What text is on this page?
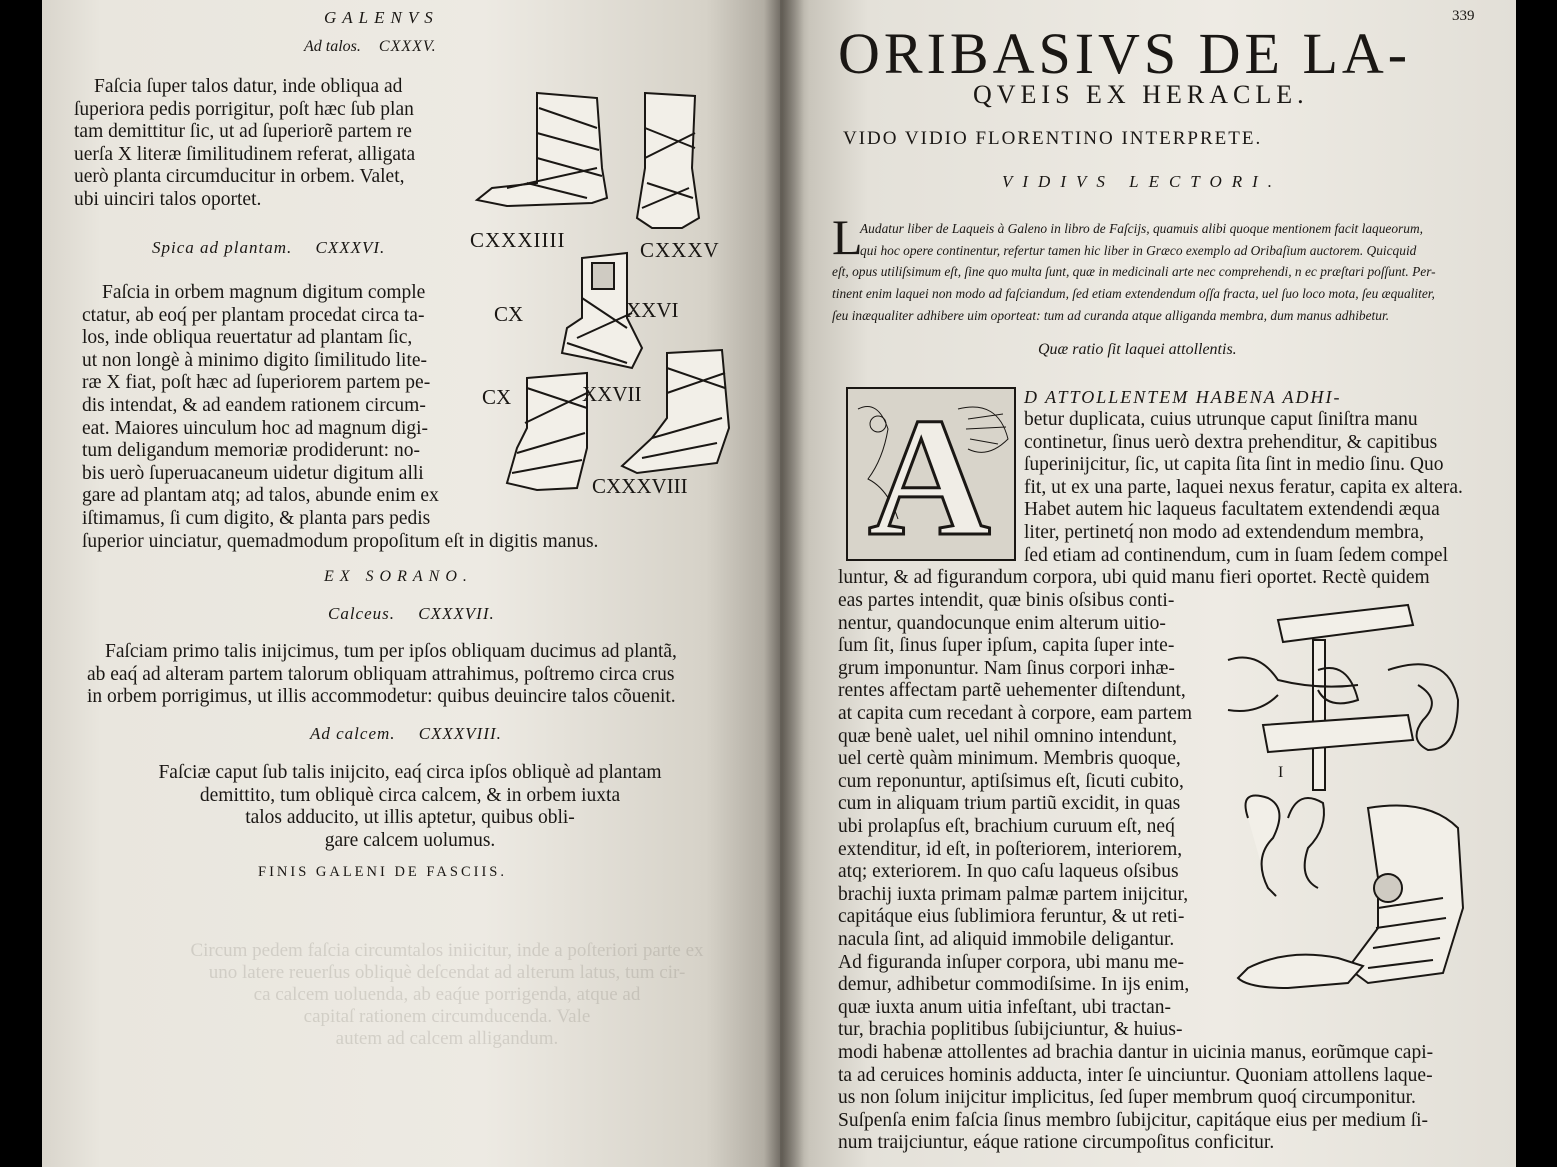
Circum pedem faſcia circumtalos iniicitur, inde a poſteriori parte ex
uno latere reuerſus obliquè deſcendat ad alterum latus, tum cir-
ca calcem uoluenda, ab eaq́ue porrigenda, atque ad
capitaſ rationem circumducenda. Vale
autem ad calcem alligandum.
GALENVS
Ad talos. CXXXV.
Faſcia ſuper talos datur, inde obliqua ad
ſuperiora pedis porrigitur, poſt hæc ſub plan
tam demittitur ſic, ut ad ſuperiorẽ partem re
uerſa X literæ ſimilitudinem referat, alligata
uerò planta circumducitur in orbem. Valet,
ubi uinciri talos oportet.
Spica ad plantam. CXXXVI.
Faſcia in orbem magnum digitum comple
ctatur, ab eoq́ per plantam procedat circa ta-
los, inde obliqua reuertatur ad plantam ſic,
ut non longè à minimo digito ſimilitudo lite-
ræ X fiat, poſt hæc ad ſuperiorem partem pe-
dis intendat, & ad eandem rationem circum-
eat. Maiores uinculum hoc ad magnum digi-
tum deligandum memoriæ prodiderunt: no-
bis uerò ſuperuacaneum uidetur digitum alli
gare ad plantam atq; ad talos, abunde enim ex
iſtimamus, ſi cum digito, & planta pars pedis
ſuperior uinciatur, quemadmodum propoſitum eſt in digitis manus.
CXXXIIII	CXXXV
CX	XXVI
CX	XXVII
CXXXVIII
EX SORANO.
Calceus. CXXXVII.
Faſciam primo talis inijcimus, tum per ipſos obliquam ducimus ad plantã,
ab eaq́ ad alteram partem talorum obliquam attrahimus, poſtremo circa crus
in orbem porrigimus, ut illis accommodetur: quibus deuincire talos cõuenit.
Ad calcem. CXXXVIII.
Faſciæ caput ſub talis inijcito, eaq́ circa ipſos obliquè ad plantam
demittito, tum obliquè circa calcem, & in orbem iuxta
talos adducito, ut illis aptetur, quibus obli-
gare calcem uolumus.
FINIS GALENI DE FASCIIS.
339
ORIBASIVS DE LA-
QVEIS EX HERACLE.
VIDO VIDIO FLORENTINO INTERPRETE.
VIDIVS LECTORI.
L
Audatur liber de Laqueis à Galeno in libro de Faſcijs, quamuis alibi quoque mentionem facit laqueorum,
qui hoc opere continentur, refertur tamen hic liber in Græco exemplo ad Oribaſium auctorem. Quicquid
eſt, opus utiliſsimum eſt, ſine quo multa ſunt, quæ in medicinali arte nec comprehendi, n ec præſtari poſſunt. Per-
tinent enim laquei non modo ad faſciandum, ſed etiam extendendum oſſa fracta, uel ſuo loco mota, ſeu æqualiter,
ſeu inæqualiter adhibere uim oporteat: tum ad curanda atque alliganda membra, dum manus adhibetur.
Quæ ratio ſit laquei attollentis.
A D ATTOLLENTEM HABENA ADHI-
betur duplicata, cuius utrunque caput ſiniſtra manu
continetur, ſinus uerò dextra prehenditur, & capitibus
ſuperinijcitur, ſic, ut capita ſita ſint in medio ſinu. Quo
fit, ut ex una parte, laquei nexus feratur, capita ex altera.
Habet autem hic laqueus facultatem extendendi æqua
liter, pertinetq́ non modo ad extendendum membra,
ſed etiam ad continendum, cum in ſuam ſedem compel
luntur, & ad figurandum corpora, ubi quid manu fieri oportet. Rectè quidem
eas partes intendit, quæ binis oſsibus conti-
nentur, quandocunque enim alterum uitio-
ſum ſit, ſinus ſuper ipſum, capita ſuper inte-
grum imponuntur. Nam ſinus corpori inhæ-
rentes affectam partẽ uehementer diſtendunt,
at capita cum recedant à corpore, eam partem
quæ benè ualet, uel nihil omnino intendunt,
uel certè quàm minimum. Membris quoque,
cum reponuntur, aptiſsimus eſt, ſicuti cubito,
cum in aliquam trium partiũ excidit, in quas
ubi prolapſus eſt, brachium curuum eſt, neq́
extenditur, id eſt, in poſteriorem, interiorem,
atq; exteriorem. In quo caſu laqueus oſsibus
brachij iuxta primam palmæ partem inijcitur,
capitáque eius ſublimiora feruntur, & ut reti-
nacula ſint, ad aliquid immobile deligantur.
Ad figuranda inſuper corpora, ubi manu me-
demur, adhibetur commodiſsime. In ijs enim,
quæ iuxta anum uitia infeſtant, ubi tractan-
tur, brachia poplitibus ſubijciuntur, & huius-
modi habenæ attollentes ad brachia dantur in uicinia manus, eorũmque capi-
ta ad ceruices hominis adducta, inter ſe uinciuntur. Quoniam attollens laque-
us non ſolum inijcitur implicitus, ſed ſuper membrum quoq́ circumponitur.
Suſpenſa enim faſcia ſinus membro ſubijcitur, capitáque eius per medium ſi-
num traijciuntur, eáque ratione circumpoſitus conficitur.
I
